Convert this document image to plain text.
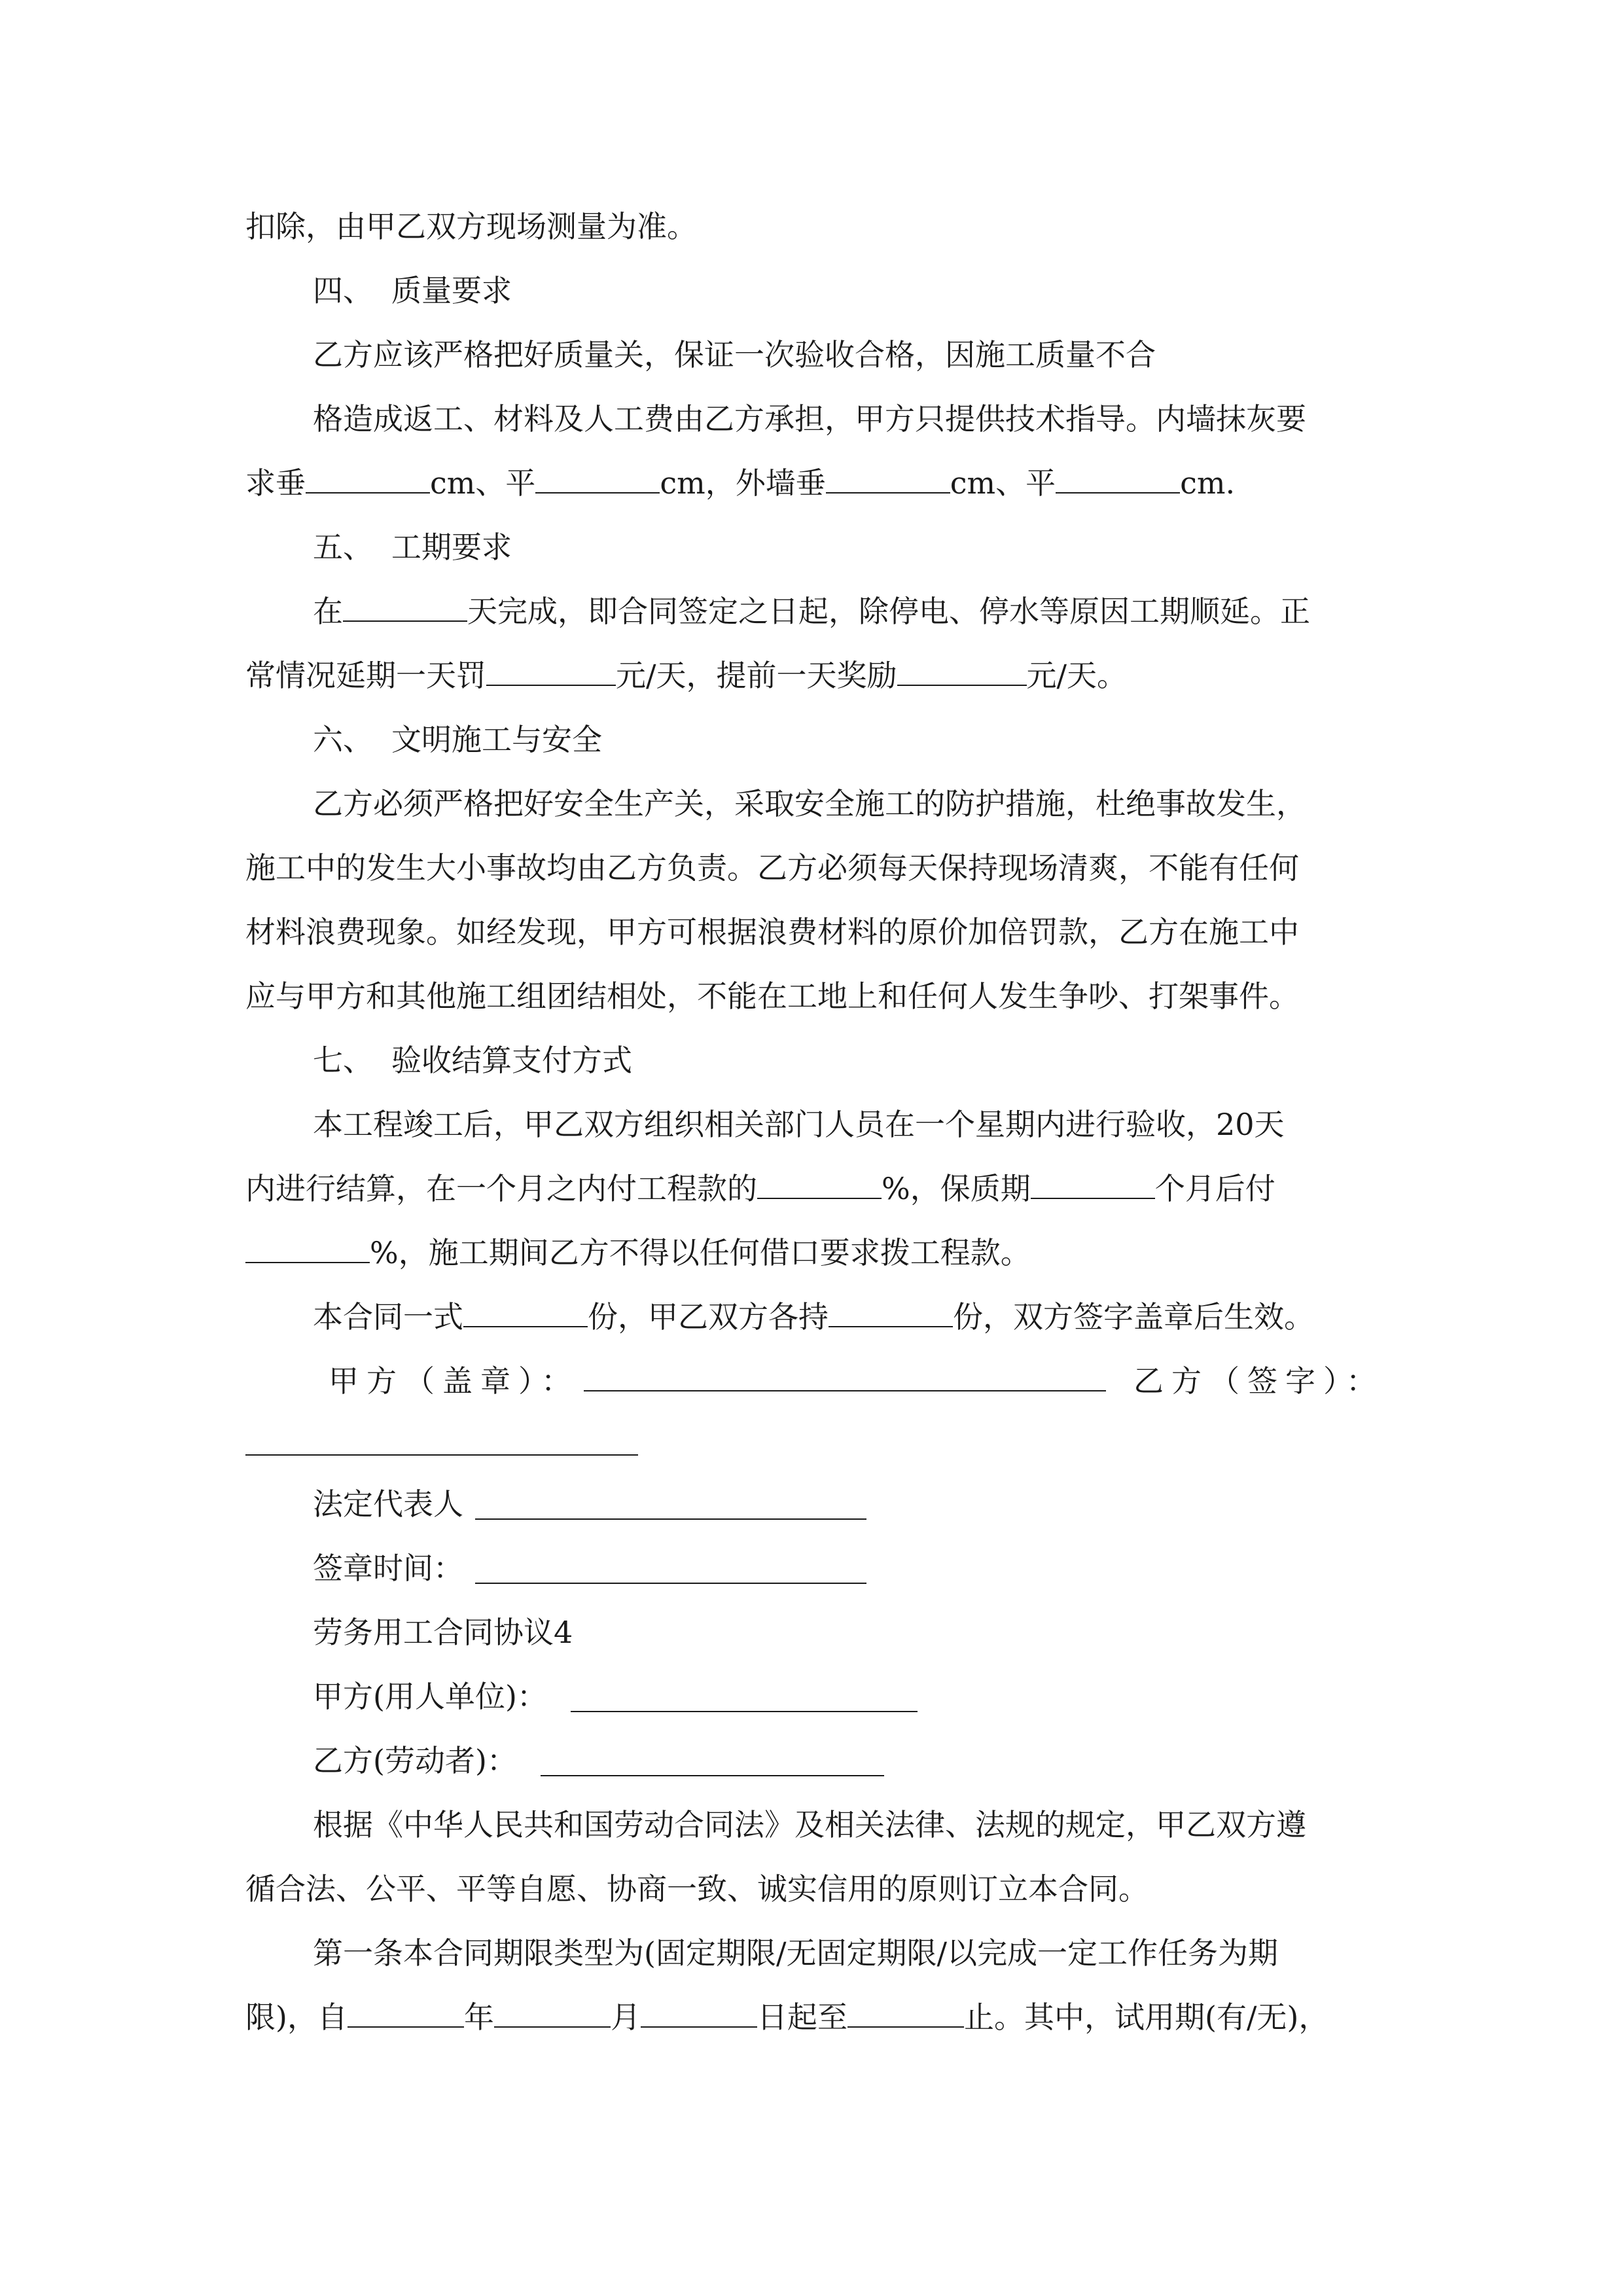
扣除，由甲乙双方现场测量为准。
四、 质量要求
乙方应该严格把好质量关，保证一次验收合格，因施工质量不合
格造成返工、材料及人工费由乙方承担，甲方只提供技术指导。内墙抹灰要
求垂	cm、平	cm，外墙垂	cm、平	cm.
五、 工期要求
在	天完成，即合同签定之日起，除停电、停水等原因工期顺延。正
常情况延期一天罚	元/天，提前一天奖励	元/天。
六、 文明施工与安全
乙方必须严格把好安全生产关，采取安全施工的防护措施，杜绝事故发生，
施工中的发生大小事故均由乙方负责。乙方必须每天保持现场清爽，不能有任何
材料浪费现象。如经发现，甲方可根据浪费材料的原价加倍罚款，乙方在施工中
应与甲方和其他施工组团结相处，不能在工地上和任何人发生争吵、打架事件。
七、 验收结算支付方式
本工程竣工后，甲乙双方组织相关部门人员在一个星期内进行验收，20天
内进行结算，在一个月之内付工程款的	%，保质期	个月后付
%，施工期间乙方不得以任何借口要求拨工程款。
本合同一式	份，甲乙双方各持	份，双方签字盖章后生效。
甲方（盖章）：	乙方（签字）：
法定代表人
签章时间：
劳务用工合同协议4
甲方(用人单位)：
乙方(劳动者)：
根据《中华人民共和国劳动合同法》及相关法律、法规的规定，甲乙双方遵
循合法、公平、平等自愿、协商一致、诚实信用的原则订立本合同。
第一条本合同期限类型为(固定期限/无固定期限/以完成一定工作任务为期
限)，自	年	月	日起至	止。其中，试用期(有/无)，
